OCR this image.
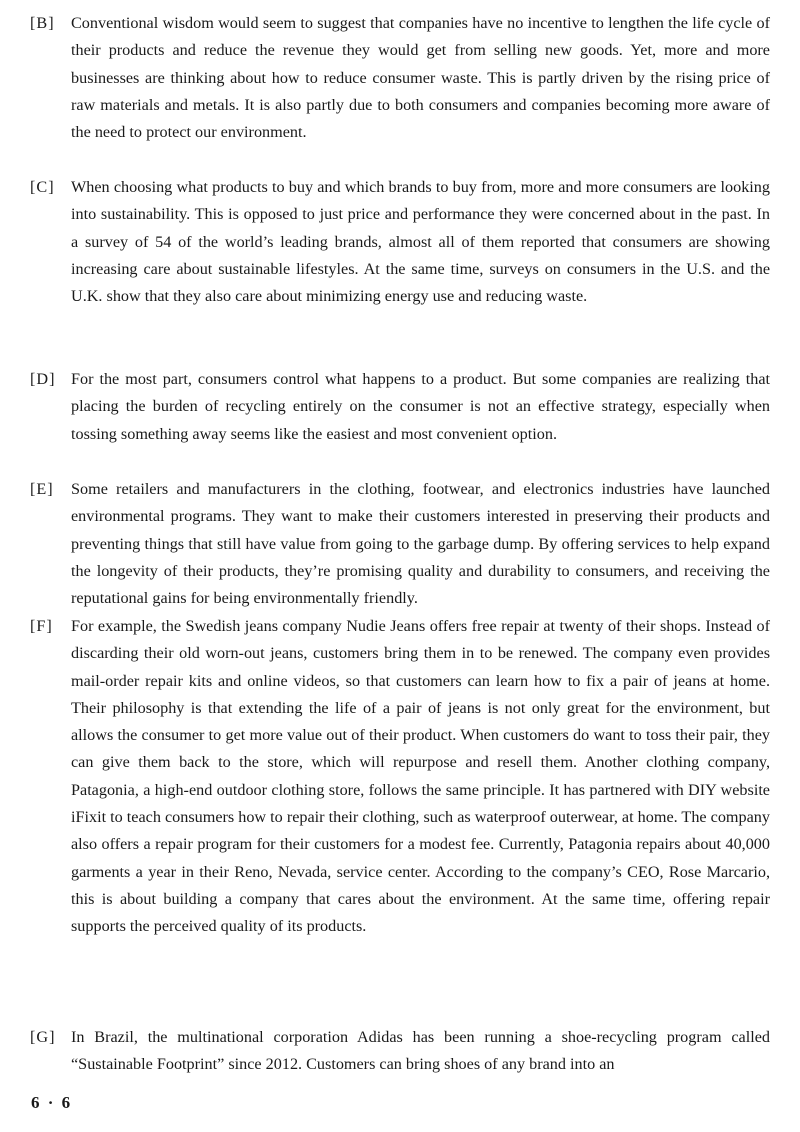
[B] Conventional wisdom would seem to suggest that companies have no incentive to lengthen the life cycle of their products and reduce the revenue they would get from selling new goods. Yet, more and more businesses are thinking about how to reduce consumer waste. This is partly driven by the rising price of raw materials and metals. It is also partly due to both consumers and companies becoming more aware of the need to protect our environment.

[C] When choosing what products to buy and which brands to buy from, more and more consumers are looking into sustainability. This is opposed to just price and performance they were concerned about in the past. In a survey of 54 of the world’s leading brands, almost all of them reported that consumers are showing increasing care about sustainable lifestyles. At the same time, surveys on consumers in the U.S. and the U.K. show that they also care about minimizing energy use and reducing waste.

[D] For the most part, consumers control what happens to a product. But some companies are realizing that placing the burden of recycling entirely on the consumer is not an effective strategy, especially when tossing something away seems like the easiest and most convenient option.

[E] Some retailers and manufacturers in the clothing, footwear, and electronics industries have launched environmental programs. They want to make their customers interested in preserving their products and preventing things that still have value from going to the garbage dump. By offering services to help expand the longevity of their products, they’re promising quality and durability to consumers, and receiving the reputational gains for being environmentally friendly.

[F] For example, the Swedish jeans company Nudie Jeans offers free repair at twenty of their shops. Instead of discarding their old worn-out jeans, customers bring them in to be renewed. The company even provides mail-order repair kits and online videos, so that customers can learn how to fix a pair of jeans at home. Their philosophy is that extending the life of a pair of jeans is not only great for the environment, but allows the consumer to get more value out of their product. When customers do want to toss their pair, they can give them back to the store, which will repurpose and resell them. Another clothing company, Patagonia, a high-end outdoor clothing store, follows the same principle. It has partnered with DIY website iFixit to teach consumers how to repair their clothing, such as waterproof outerwear, at home. The company also offers a repair program for their customers for a modest fee. Currently, Patagonia repairs about 40,000 garments a year in their Reno, Nevada, service center. According to the company’s CEO, Rose Marcario, this is about building a company that cares about the environment. At the same time, offering repair supports the perceived quality of its products.

[G] In Brazil, the multinational corporation Adidas has been running a shoe-recycling program called “Sustainable Footprint” since 2012. Customers can bring shoes of any brand into an

6 · 6
